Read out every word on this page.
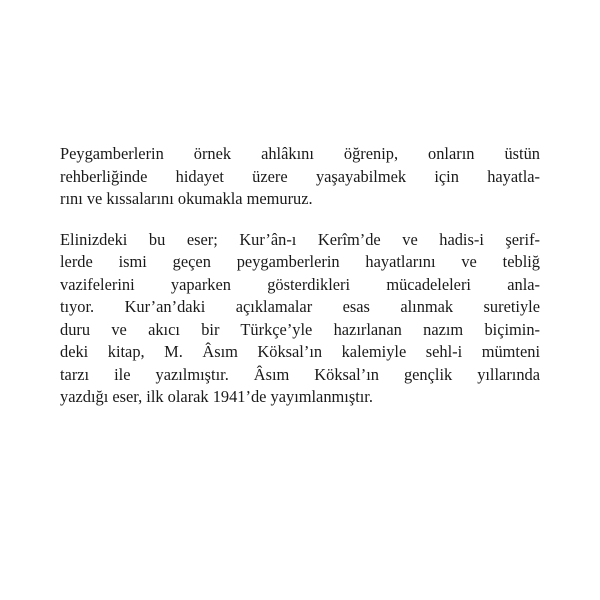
Peygamberlerin örnek ahlâkını öğrenip, onların üstün
rehberliğinde hidayet üzere yaşayabilmek için hayatla-
rını ve kıssalarını okumakla memuruz.

Elinizdeki bu eser; Kur’ân-ı Kerîm’de ve hadis-i şerif-
lerde ismi geçen peygamberlerin hayatlarını ve tebliğ
vazifelerini yaparken gösterdikleri mücadeleleri anla-
tıyor. Kur’an’daki açıklamalar esas alınmak suretiyle
duru ve akıcı bir Türkçe’yle hazırlanan nazım biçimin-
deki kitap, M. Âsım Köksal’ın kalemiyle sehl-i mümteni
tarzı ile yazılmıştır. Âsım Köksal’ın gençlik yıllarında
yazdığı eser, ilk olarak 1941’de yayımlanmıştır.
